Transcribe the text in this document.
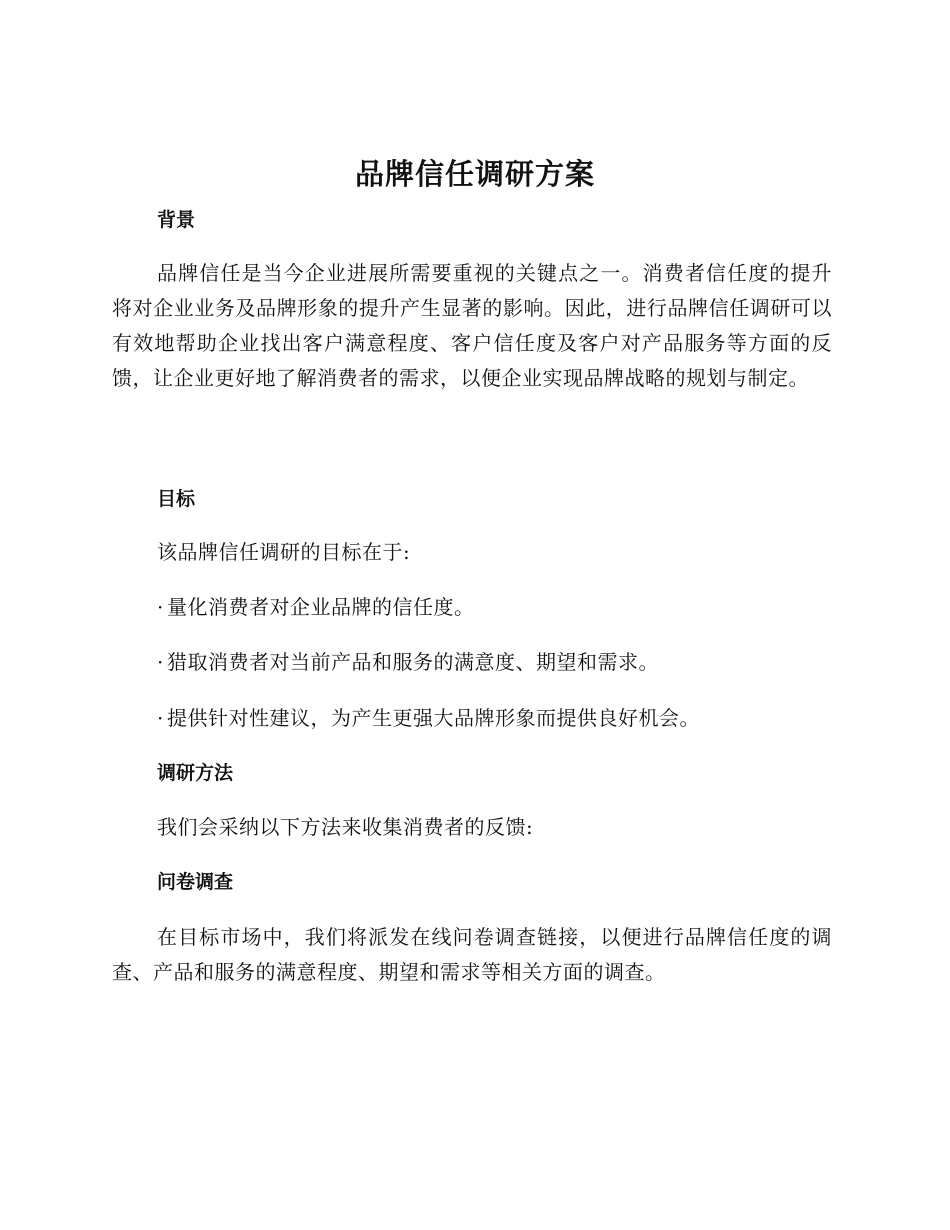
品牌信任调研方案
背景

品牌信任是当今企业进展所需要重视的关键点之一。消费者信任度的提升将对企业业务及品牌形象的提升产生显著的影响。因此，进行品牌信任调研可以有效地帮助企业找出客户满意程度、客户信任度及客户对产品服务等方面的反馈，让企业更好地了解消费者的需求，以便企业实现品牌战略的规划与制定。

目标

该品牌信任调研的目标在于:

· 量化消费者对企业品牌的信任度。

· 猎取消费者对当前产品和服务的满意度、期望和需求。

· 提供针对性建议，为产生更强大品牌形象而提供良好机会。

调研方法

我们会采纳以下方法来收集消费者的反馈:

问卷调查

在目标市场中，我们将派发在线问卷调查链接，以便进行品牌信任度的调查、产品和服务的满意程度、期望和需求等相关方面的调查。
